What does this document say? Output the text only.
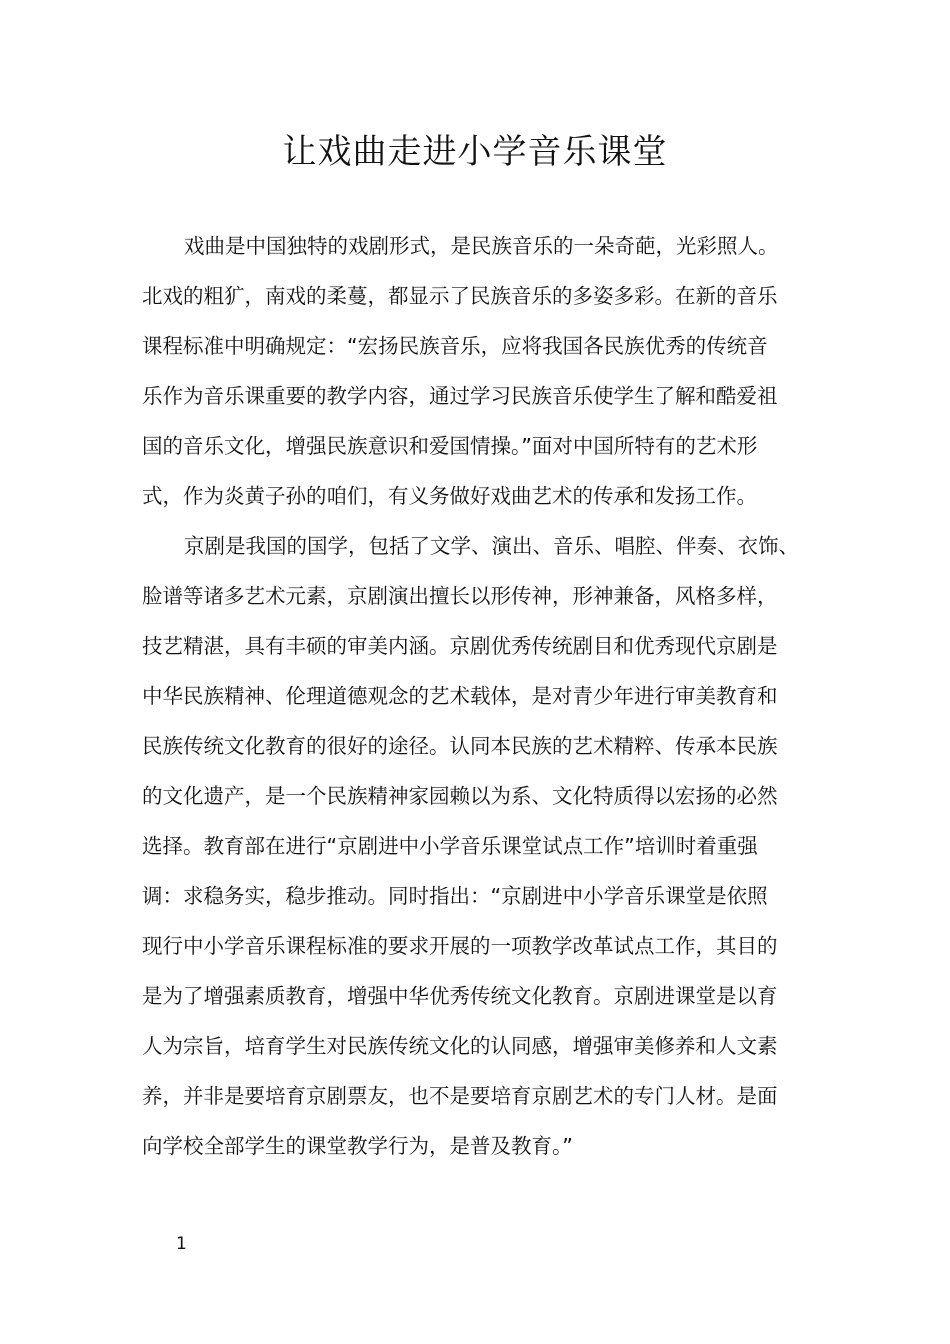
让戏曲走进小学音乐课堂
戏曲是中国独特的戏剧形式，是民族音乐的一朵奇葩，光彩照人。
北戏的粗犷，南戏的柔蔓，都显示了民族音乐的多姿多彩。在新的音乐
课程标准中明确规定：“宏扬民族音乐，应将我国各民族优秀的传统音
乐作为音乐课重要的教学内容，通过学习民族音乐使学生了解和酷爱祖
国的音乐文化，增强民族意识和爱国情操。”面对中国所特有的艺术形
式，作为炎黄子孙的咱们，有义务做好戏曲艺术的传承和发扬工作。
京剧是我国的国学，包括了文学、演出、音乐、唱腔、伴奏、衣饰、
脸谱等诸多艺术元素，京剧演出擅长以形传神，形神兼备，风格多样，
技艺精湛，具有丰硕的审美内涵。京剧优秀传统剧目和优秀现代京剧是
中华民族精神、伦理道德观念的艺术载体，是对青少年进行审美教育和
民族传统文化教育的很好的途径。认同本民族的艺术精粹、传承本民族
的文化遗产，是一个民族精神家园赖以为系、文化特质得以宏扬的必然
选择。教育部在进行“京剧进中小学音乐课堂试点工作”培训时着重强
调：求稳务实，稳步推动。同时指出：“京剧进中小学音乐课堂是依照
现行中小学音乐课程标准的要求开展的一项教学改革试点工作，其目的
是为了增强素质教育，增强中华优秀传统文化教育。京剧进课堂是以育
人为宗旨，培育学生对民族传统文化的认同感，增强审美修养和人文素
养，并非是要培育京剧票友，也不是要培育京剧艺术的专门人材。是面
向学校全部学生的课堂教学行为，是普及教育。”
1
